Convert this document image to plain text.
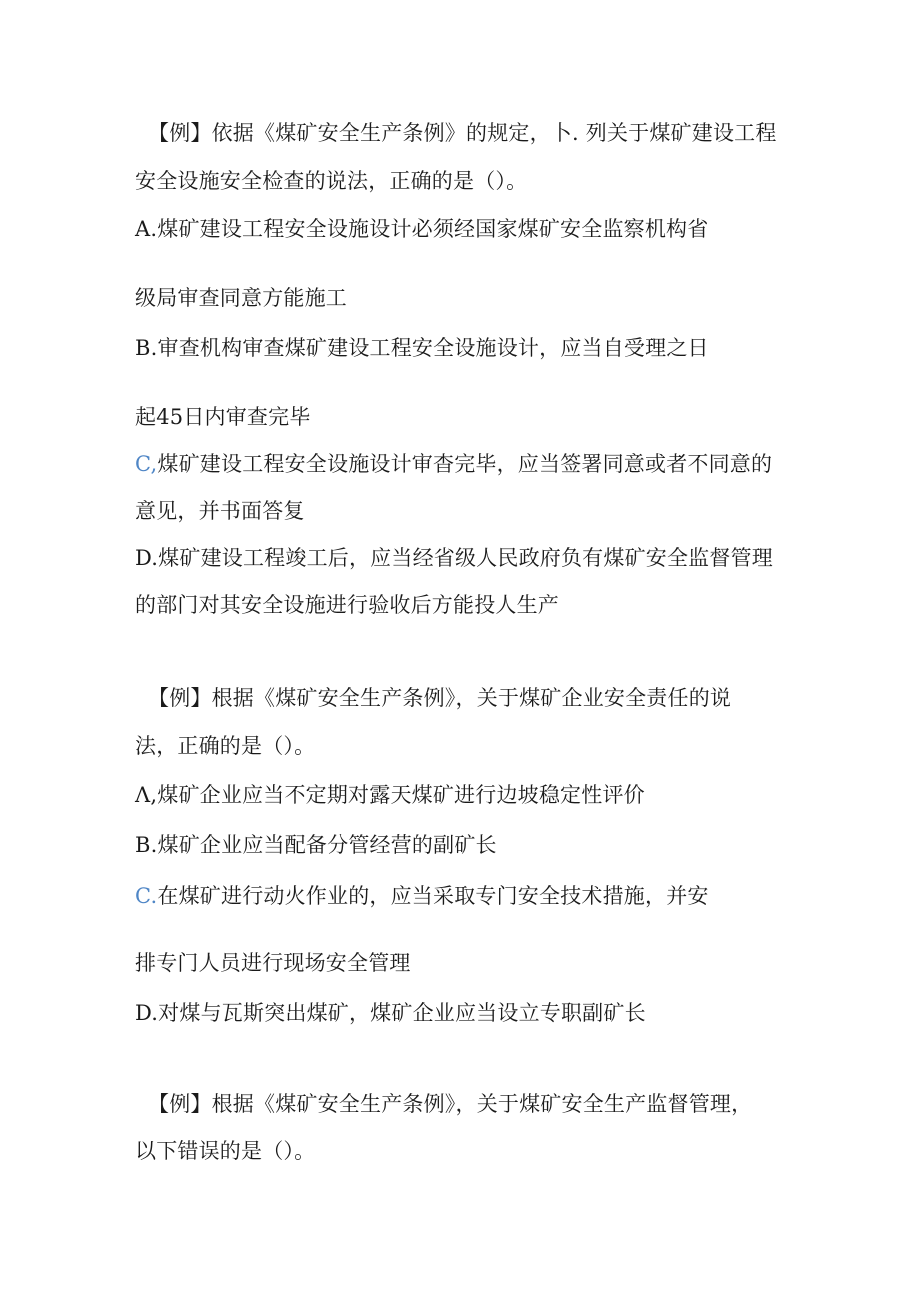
【例】依据《煤矿安全生产条例》的规定，卜. 列关于煤矿建设工程
安全设施安全检查的说法，正确的是（）。
A.煤矿建设工程安全设施设计必须经国家煤矿安全监察机构省
级局审查同意方能施工
B.审查机构审查煤矿建设工程安全设施设计，应当自受理之日
起45日内审查完毕
C,煤矿建设工程安全设施设计审杳完毕，应当签署同意或者不同意的
意见，并书面答复
D.煤矿建设工程竣工后，应当经省级人民政府负有煤矿安全监督管理
的部门对其安全设施进行验收后方能投人生产
【例】根据《煤矿安全生产条例》，关于煤矿企业安全责任的说
法，正确的是（）。
Λ,煤矿企业应当不定期对露天煤矿进行边坡稳定性评价
B.煤矿企业应当配备分管经营的副矿长
C.在煤矿进行动火作业的，应当采取专门安全技术措施，并安
排专门人员进行现场安全管理
D.对煤与瓦斯突出煤矿，煤矿企业应当设立专职副矿长
【例】根据《煤矿安全生产条例》，关于煤矿安全生产监督管理，
以下错误的是（）。
